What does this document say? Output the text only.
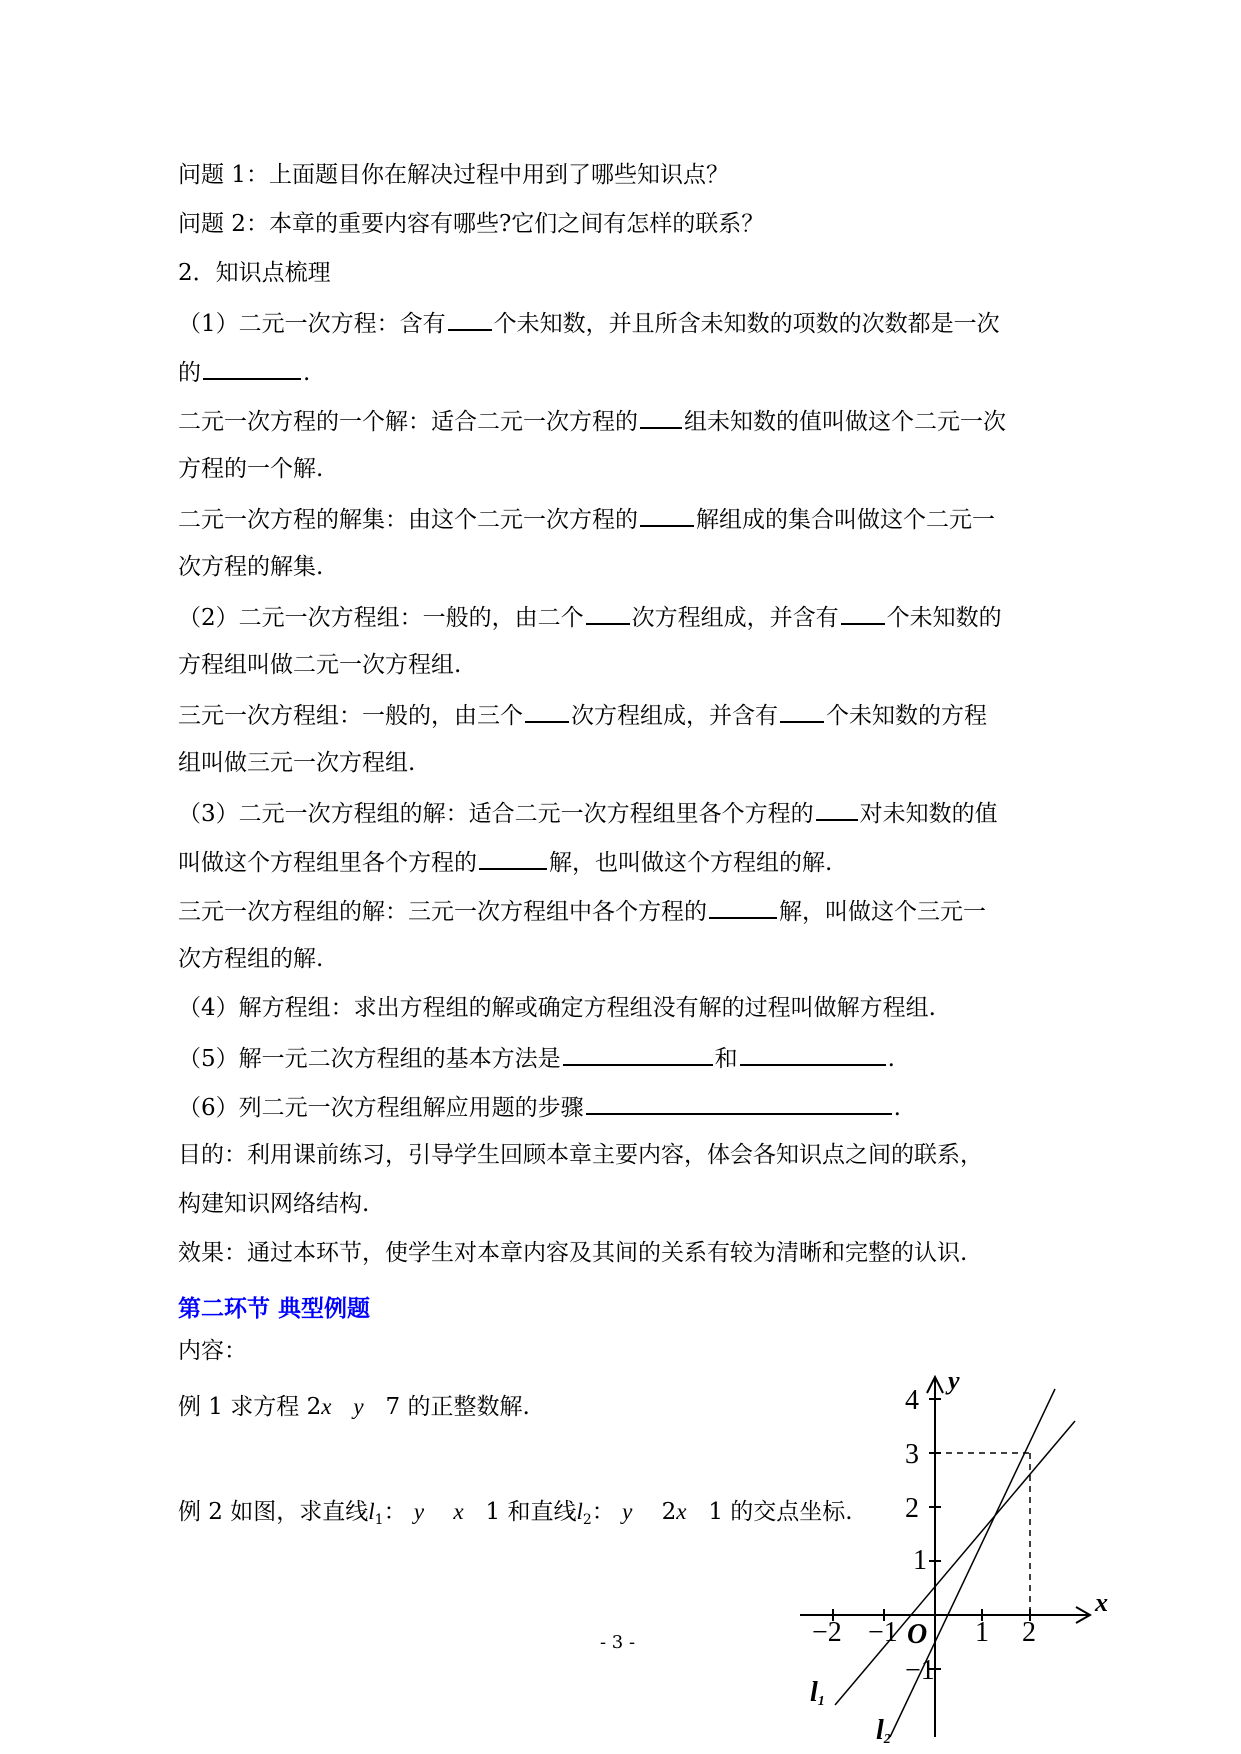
问题 1：上面题目你在解决过程中用到了哪些知识点？
问题 2：本章的重要内容有哪些?它们之间有怎样的联系？
2．知识点梳理
（1）二元一次方程：含有 个未知数，并且所含未知数的项数的次数都是一次
的	.
二元一次方程的一个解：适合二元一次方程的 组未知数的值叫做这个二元一次
方程的一个解.
二元一次方程的解集：由这个二元一次方程的	解组成的集合叫做这个二元一
次方程的解集.
（2）二元一次方程组：一般的，由二个 次方程组成，并含有 个未知数的
方程组叫做二元一次方程组.
三元一次方程组：一般的，由三个 次方程组成，并含有 个未知数的方程
组叫做三元一次方程组.
（3）二元一次方程组的解：适合二元一次方程组里各个方程的 对未知数的值
叫做这个方程组里各个方程的	解，也叫做这个方程组的解.
三元一次方程组的解：三元一次方程组中各个方程的	解，叫做这个三元一
次方程组的解.
（4）解方程组：求出方程组的解或确定方程组没有解的过程叫做解方程组.
（5）解一元二次方程组的基本方法是	和	.
（6）列二元一次方程组解应用题的步骤	.
目的：利用课前练习，引导学生回顾本章主要内容，体会各知识点之间的联系，
构建知识网络结构.
效果：通过本环节，使学生对本章内容及其间的关系有较为清晰和完整的认识.
第二环节 典型例题
内容：
例 1 求方程 2x y 7 的正整数解.
例 2 如图，求直线$l_1$： y x 1 和直线$l_2$： y 2x 1 的交点坐标.
x
y
O
−2 −1	1 2
4
3
2
1
−1
l1
l2
- 3 -
